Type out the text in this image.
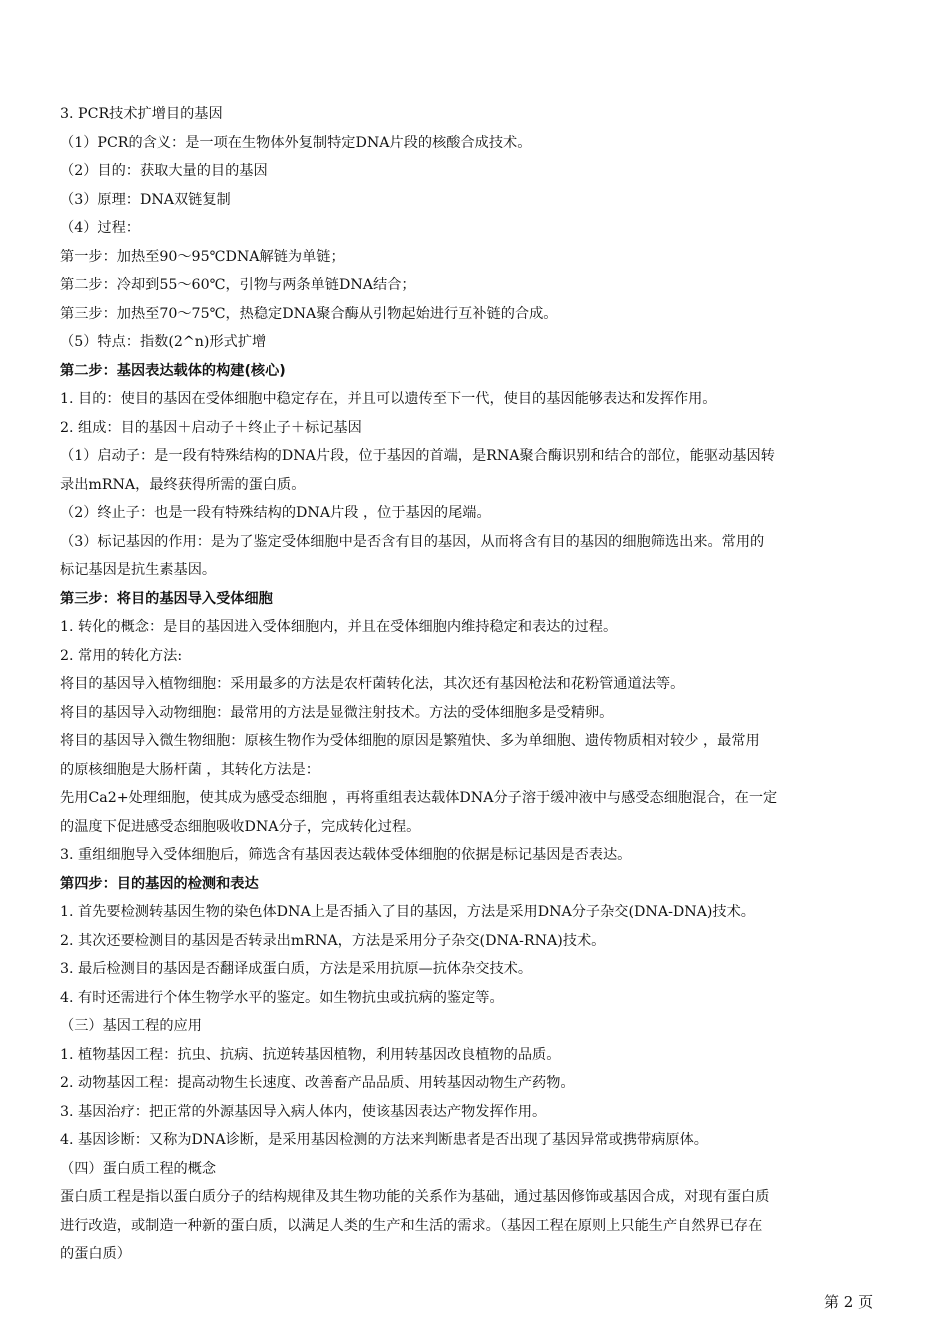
3. PCR技术扩增目的基因

（1）PCR的含义：是一项在生物体外复制特定DNA片段的核酸合成技术。

（2）目的：获取大量的目的基因

（3）原理：DNA双链复制

（4）过程：

第一步：加热至90～95℃DNA解链为单链；

第二步：冷却到55～60℃，引物与两条单链DNA结合；

第三步：加热至70～75℃，热稳定DNA聚合酶从引物起始进行互补链的合成。

（5）特点：指数(2^n)形式扩增

第二步：基因表达载体的构建(核心)

1. 目的：使目的基因在受体细胞中稳定存在，并且可以遗传至下一代，使目的基因能够表达和发挥作用。

2. 组成：目的基因＋启动子＋终止子＋标记基因

（1）启动子：是一段有特殊结构的DNA片段，位于基因的首端，是RNA聚合酶识别和结合的部位，能驱动基因转

录出mRNA，最终获得所需的蛋白质。

（2）终止子：也是一段有特殊结构的DNA片段 ，位于基因的尾端。

（3）标记基因的作用：是为了鉴定受体细胞中是否含有目的基因，从而将含有目的基因的细胞筛选出来。常用的

标记基因是抗生素基因。

第三步：将目的基因导入受体细胞

1. 转化的概念：是目的基因进入受体细胞内，并且在受体细胞内维持稳定和表达的过程。

2. 常用的转化方法:

将目的基因导入植物细胞：采用最多的方法是农杆菌转化法，其次还有基因枪法和花粉管通道法等。

将目的基因导入动物细胞：最常用的方法是显微注射技术。方法的受体细胞多是受精卵。

将目的基因导入微生物细胞：原核生物作为受体细胞的原因是繁殖快、多为单细胞、遗传物质相对较少 ，最常用

的原核细胞是大肠杆菌 ，其转化方法是：

先用Ca2+处理细胞，使其成为感受态细胞 ，再将重组表达载体DNA分子溶于缓冲液中与感受态细胞混合，在一定

的温度下促进感受态细胞吸收DNA分子，完成转化过程。

3. 重组细胞导入受体细胞后，筛选含有基因表达载体受体细胞的依据是标记基因是否表达。

第四步：目的基因的检测和表达

1. 首先要检测转基因生物的染色体DNA上是否插入了目的基因，方法是采用DNA分子杂交(DNA-DNA)技术。

2. 其次还要检测目的基因是否转录出mRNA，方法是采用分子杂交(DNA-RNA)技术。

3. 最后检测目的基因是否翻译成蛋白质，方法是采用抗原—抗体杂交技术。

4. 有时还需进行个体生物学水平的鉴定。如生物抗虫或抗病的鉴定等。

（三）基因工程的应用

1. 植物基因工程：抗虫、抗病、抗逆转基因植物，利用转基因改良植物的品质。

2. 动物基因工程：提高动物生长速度、改善畜产品品质、用转基因动物生产药物。

3. 基因治疗：把正常的外源基因导入病人体内，使该基因表达产物发挥作用。

4. 基因诊断：又称为DNA诊断，是采用基因检测的方法来判断患者是否出现了基因异常或携带病原体。

（四）蛋白质工程的概念

蛋白质工程是指以蛋白质分子的结构规律及其生物功能的关系作为基础，通过基因修饰或基因合成，对现有蛋白质

进行改造，或制造一种新的蛋白质，以满足人类的生产和生活的需求。（基因工程在原则上只能生产自然界已存在

的蛋白质）

第 2 页
